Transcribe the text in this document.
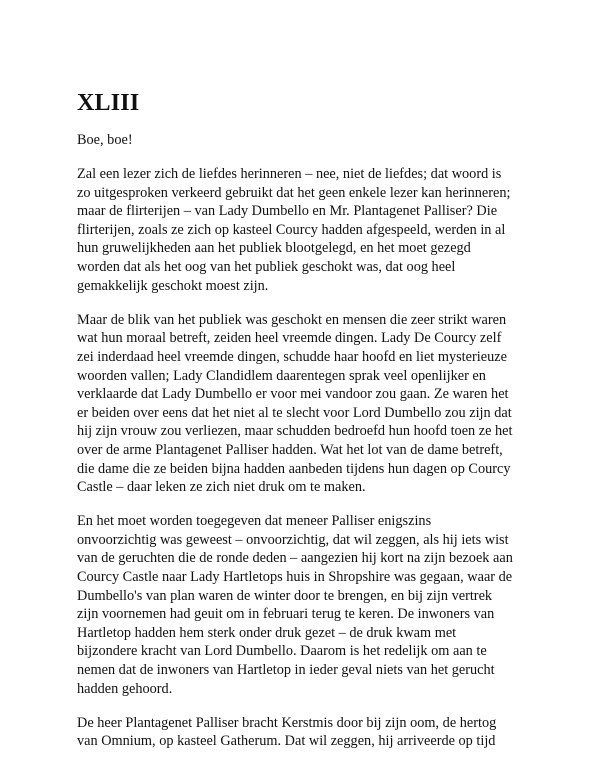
XLIII
Boe, boe!
Zal een lezer zich de liefdes herinneren – nee, niet de liefdes; dat woord is
zo uitgesproken verkeerd gebruikt dat het geen enkele lezer kan herinneren;
maar de flirterijen – van Lady Dumbello en Mr. Plantagenet Palliser? Die
flirterijen, zoals ze zich op kasteel Courcy hadden afgespeeld, werden in al
hun gruwelijkheden aan het publiek blootgelegd, en het moet gezegd
worden dat als het oog van het publiek geschokt was, dat oog heel
gemakkelijk geschokt moest zijn.
Maar de blik van het publiek was geschokt en mensen die zeer strikt waren
wat hun moraal betreft, zeiden heel vreemde dingen. Lady De Courcy zelf
zei inderdaad heel vreemde dingen, schudde haar hoofd en liet mysterieuze
woorden vallen; Lady Clandidlem daarentegen sprak veel openlijker en
verklaarde dat Lady Dumbello er voor mei vandoor zou gaan. Ze waren het
er beiden over eens dat het niet al te slecht voor Lord Dumbello zou zijn dat
hij zijn vrouw zou verliezen, maar schudden bedroefd hun hoofd toen ze het
over de arme Plantagenet Palliser hadden. Wat het lot van de dame betreft,
die dame die ze beiden bijna hadden aanbeden tijdens hun dagen op Courcy
Castle – daar leken ze zich niet druk om te maken.
En het moet worden toegegeven dat meneer Palliser enigszins
onvoorzichtig was geweest – onvoorzichtig, dat wil zeggen, als hij iets wist
van de geruchten die de ronde deden – aangezien hij kort na zijn bezoek aan
Courcy Castle naar Lady Hartletops huis in Shropshire was gegaan, waar de
Dumbello's van plan waren de winter door te brengen, en bij zijn vertrek
zijn voornemen had geuit om in februari terug te keren. De inwoners van
Hartletop hadden hem sterk onder druk gezet – de druk kwam met
bijzondere kracht van Lord Dumbello. Daarom is het redelijk om aan te
nemen dat de inwoners van Hartletop in ieder geval niets van het gerucht
hadden gehoord.
De heer Plantagenet Palliser bracht Kerstmis door bij zijn oom, de hertog
van Omnium, op kasteel Gatherum. Dat wil zeggen, hij arriveerde op tijd
